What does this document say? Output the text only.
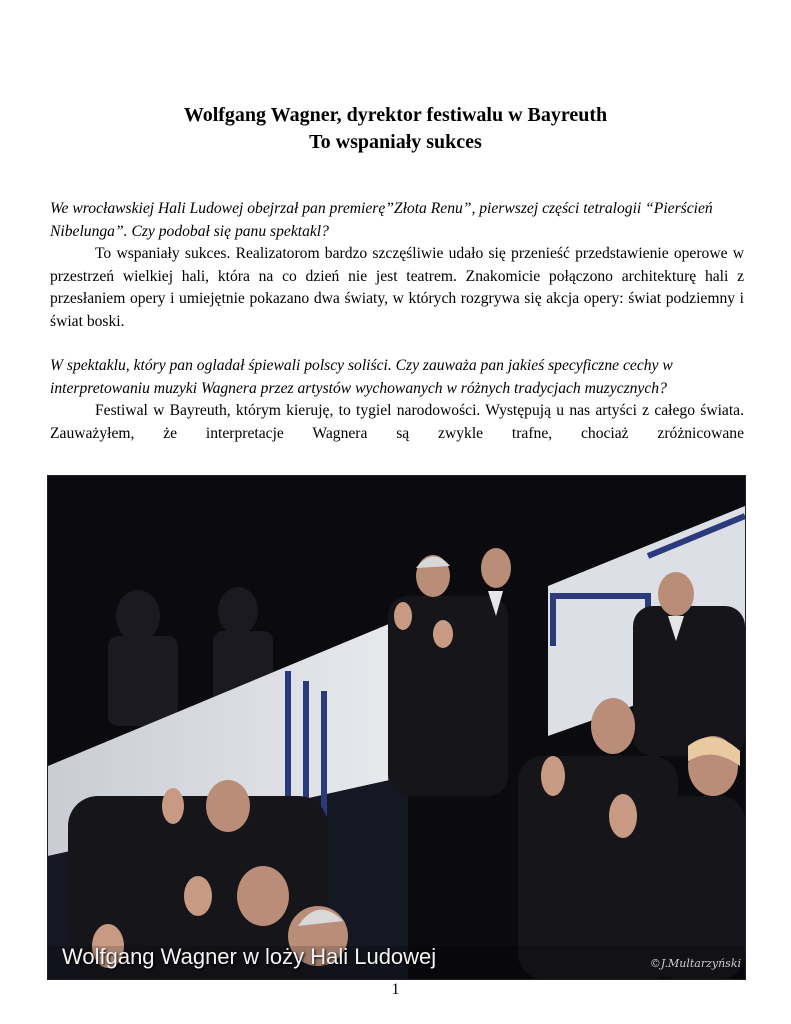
Wolfgang Wagner, dyrektor festiwalu w Bayreuth
To wspaniały sukces

We wrocławskiej Hali Ludowej obejrzał pan premierę”Złota Renu”, pierwszej części tetralogii “Pierścień Nibelunga”. Czy podobał się panu spektakl?

To wspaniały sukces. Realizatorom bardzo szczęśliwie udało się przenieść przedstawienie operowe w przestrzeń wielkiej hali, która na co dzień nie jest teatrem. Znakomicie połączono architekturę hali z przesłaniem opery i umiejętnie pokazano dwa światy, w których rozgrywa się akcja opery: świat podziemny i świat boski.

W spektaklu, który pan ogladał śpiewali polscy soliści. Czy zauważa pan jakieś specyficzne cechy w interpretowaniu muzyki Wagnera przez artystów wychowanych w różnych tradycjach muzycznych?

Festiwal w Bayreuth, którym kieruję, to tygiel narodowości. Występują u nas artyści z całego świata. Zauważyłem, że interpretacje Wagnera są zwykle trafne, chociaż zróżnicowane

Wolfgang Wagner w loży Hali Ludowej	©J.Multarzyński
1
